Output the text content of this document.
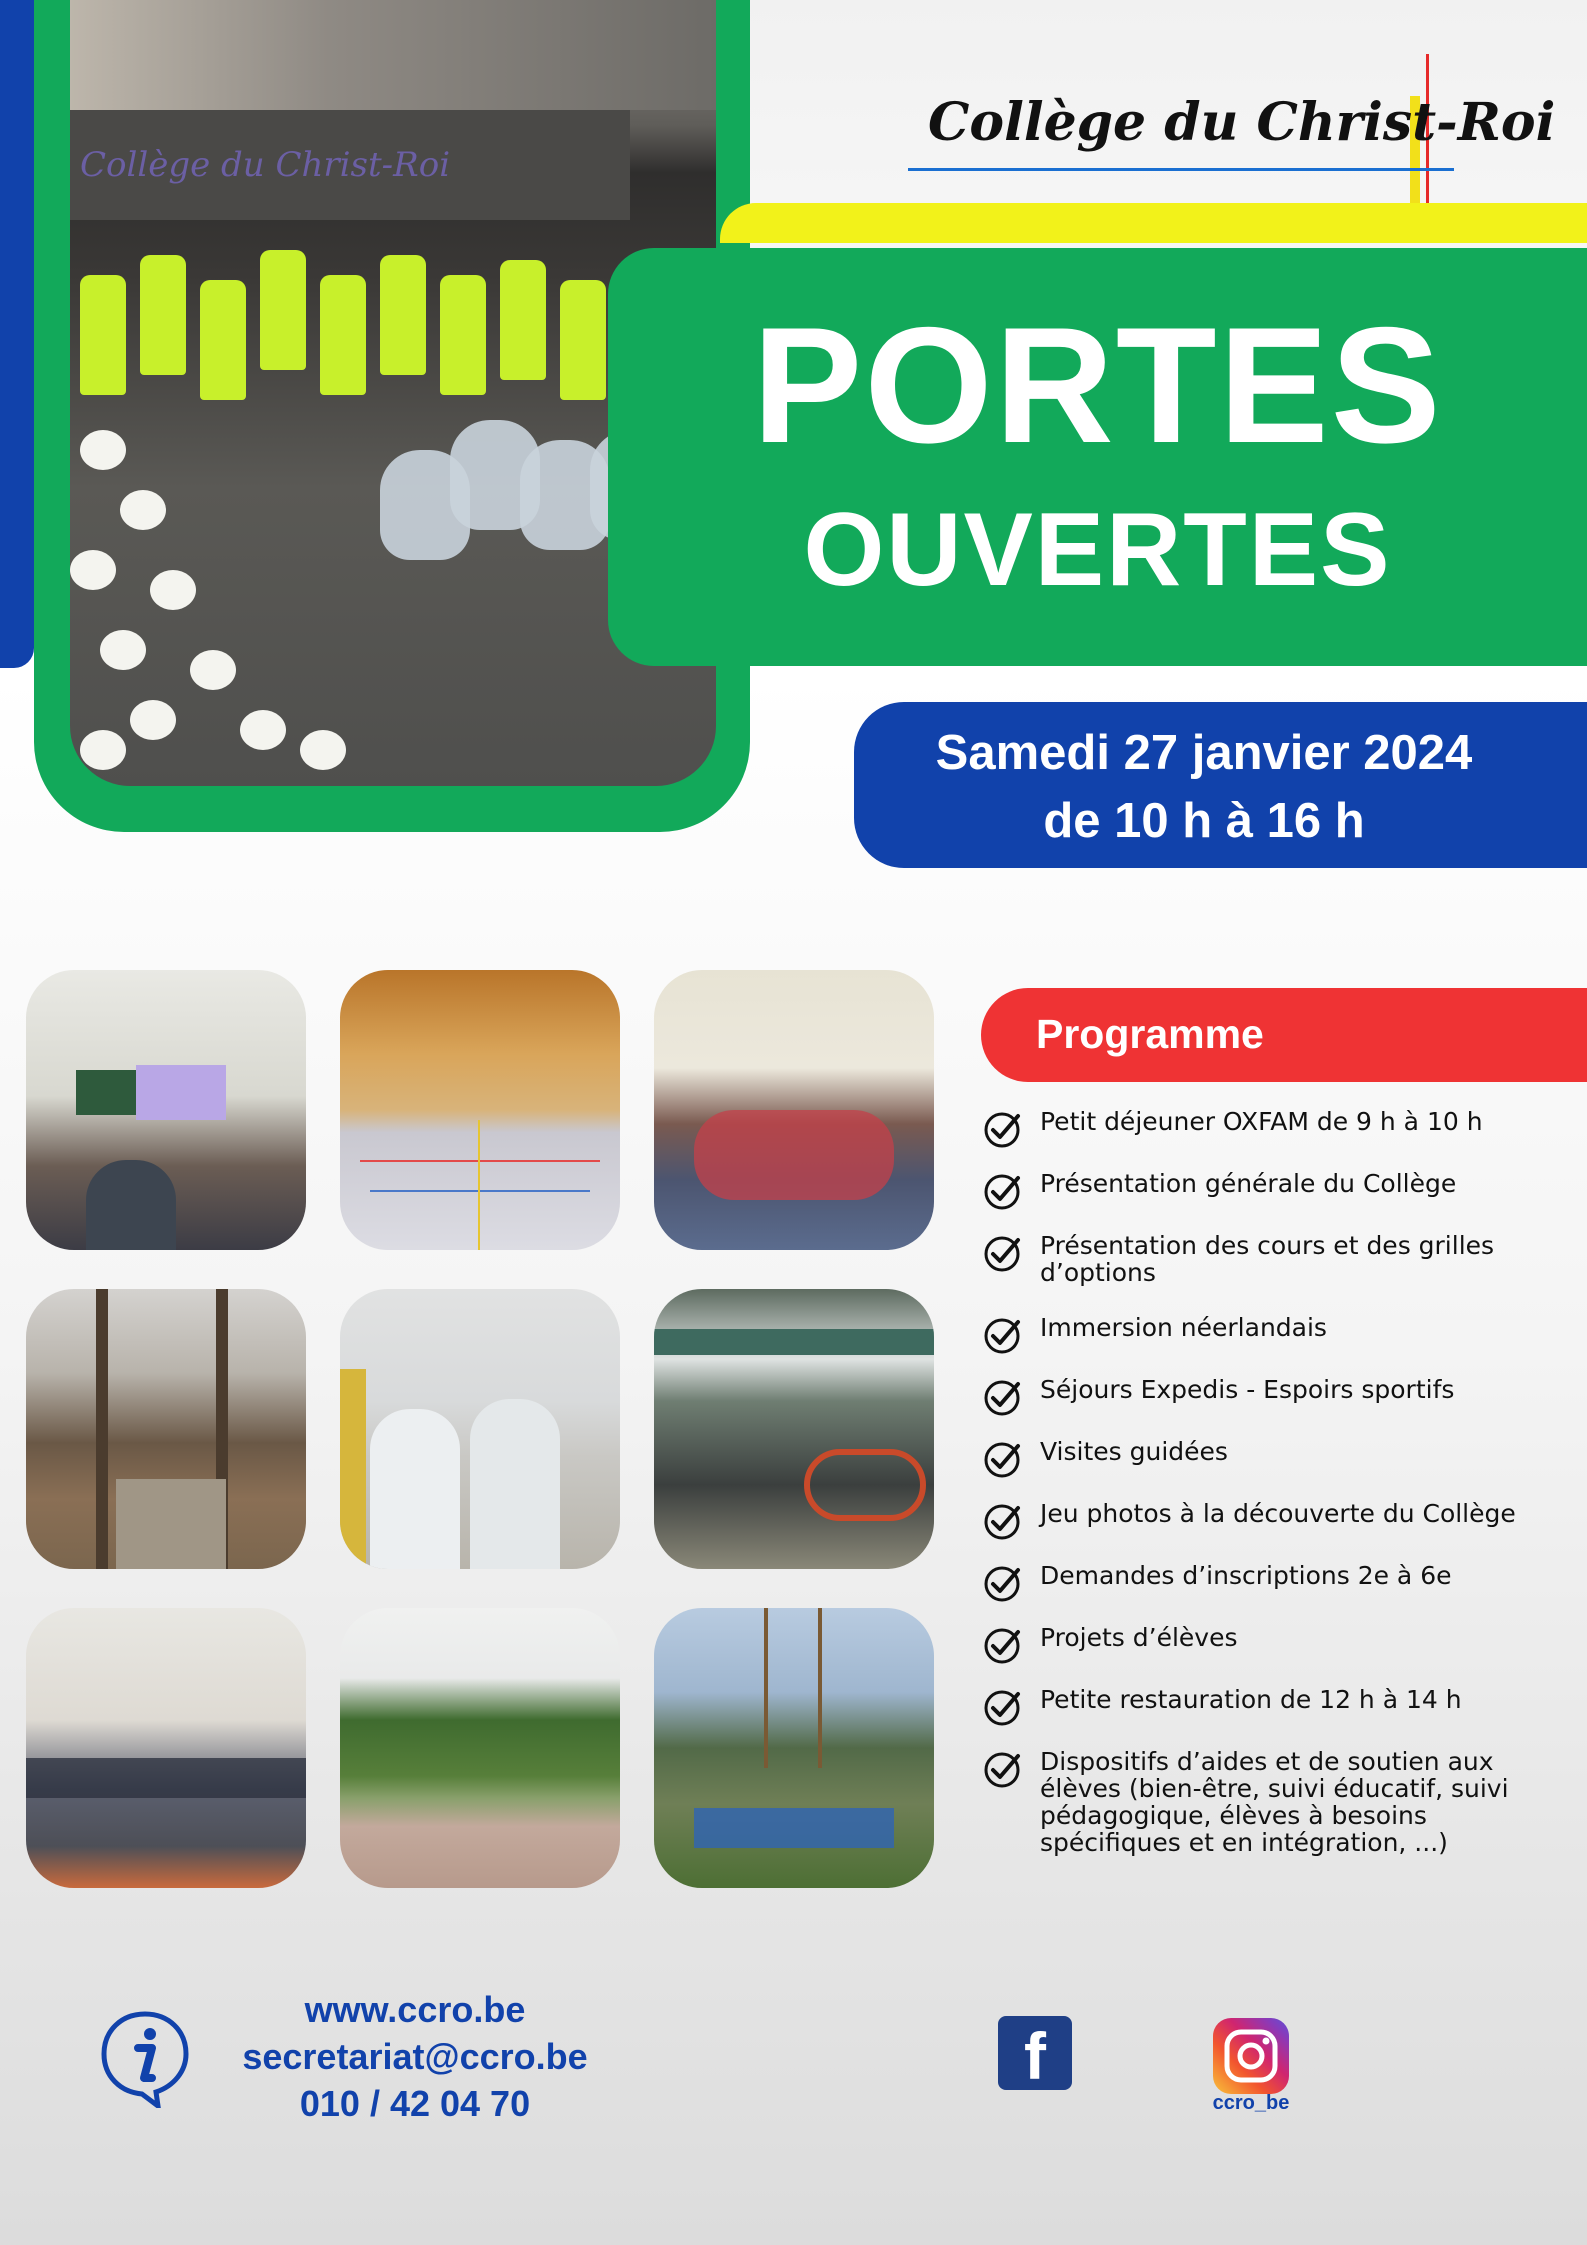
Collège du Christ-Roi
Collège du Christ-Roi
PORTES
OUVERTES
Samedi 27 janvier 2024
de 10 h à 16 h
Programme
Petit déjeuner OXFAM de 9 h à 10 h
Présentation générale du Collège
Présentation des cours et des grilles d’options
Immersion néerlandais
Séjours Expedis - Espoirs sportifs
Visites guidées
Jeu photos à la découverte du Collège
Demandes d’inscriptions 2e à 6e
Projets d’élèves
Petite restauration de 12 h à 14 h
Dispositifs d’aides et de soutien aux élèves (bien-être, suivi éducatif, suivi pédagogique, élèves à besoins spécifiques et en intégration, ...)
www.ccro.be
secretariat@ccro.be
010 / 42 04 70
f
ccro_be
